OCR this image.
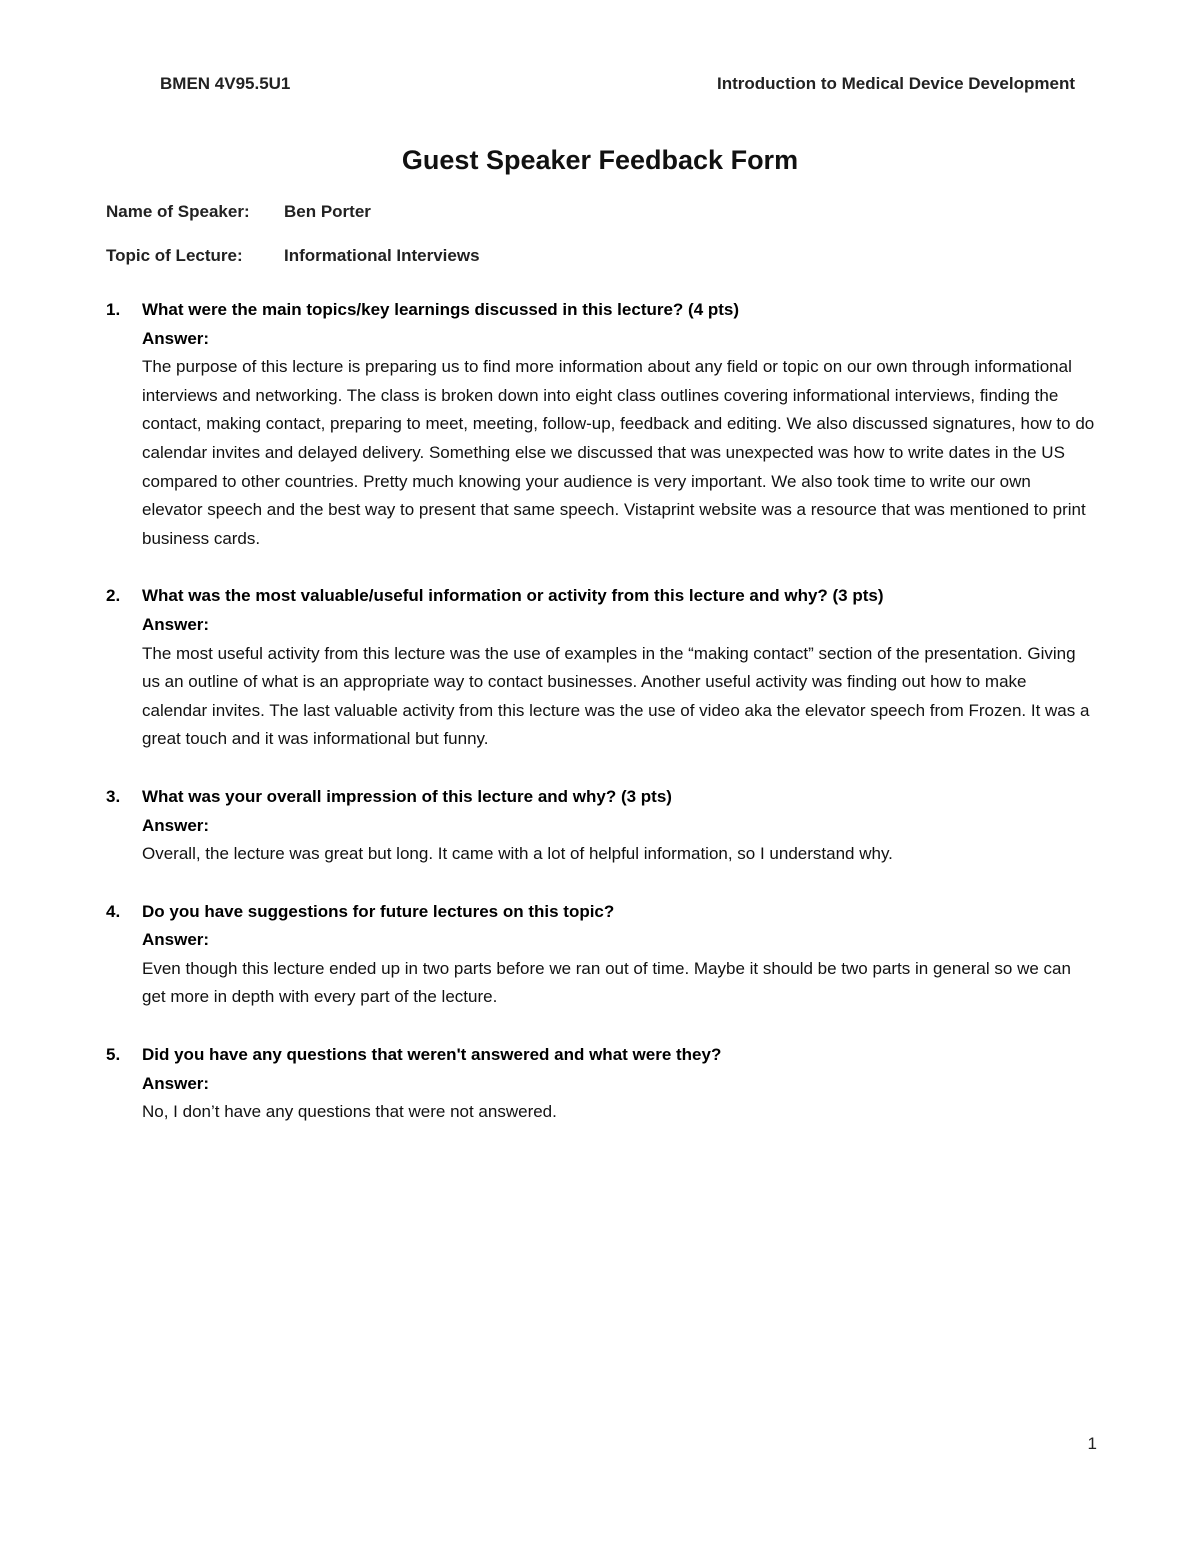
BMEN 4V95.5U1	Introduction to Medical Device Development
Guest Speaker Feedback Form
Name of Speaker:	Ben Porter
Topic of Lecture:	Informational Interviews
1. What were the main topics/key learnings discussed in this lecture? (4 pts)
Answer:
The purpose of this lecture is preparing us to find more information about any field or topic on our own through informational interviews and networking. The class is broken down into eight class outlines covering informational interviews, finding the contact, making contact, preparing to meet, meeting, follow-up, feedback and editing. We also discussed signatures, how to do calendar invites and delayed delivery. Something else we discussed that was unexpected was how to write dates in the US compared to other countries. Pretty much knowing your audience is very important. We also took time to write our own elevator speech and the best way to present that same speech. Vistaprint website was a resource that was mentioned to print business cards.
2. What was the most valuable/useful information or activity from this lecture and why? (3 pts)
Answer:
The most useful activity from this lecture was the use of examples in the “making contact” section of the presentation. Giving us an outline of what is an appropriate way to contact businesses. Another useful activity was finding out how to make calendar invites. The last valuable activity from this lecture was the use of video aka the elevator speech from Frozen. It was a great touch and it was informational but funny.
3. What was your overall impression of this lecture and why? (3 pts)
Answer:
Overall, the lecture was great but long. It came with a lot of helpful information, so I understand why.
4. Do you have suggestions for future lectures on this topic?
Answer:
Even though this lecture ended up in two parts before we ran out of time. Maybe it should be two parts in general so we can get more in depth with every part of the lecture.
5. Did you have any questions that weren't answered and what were they?
Answer:
No, I don’t have any questions that were not answered.
1
